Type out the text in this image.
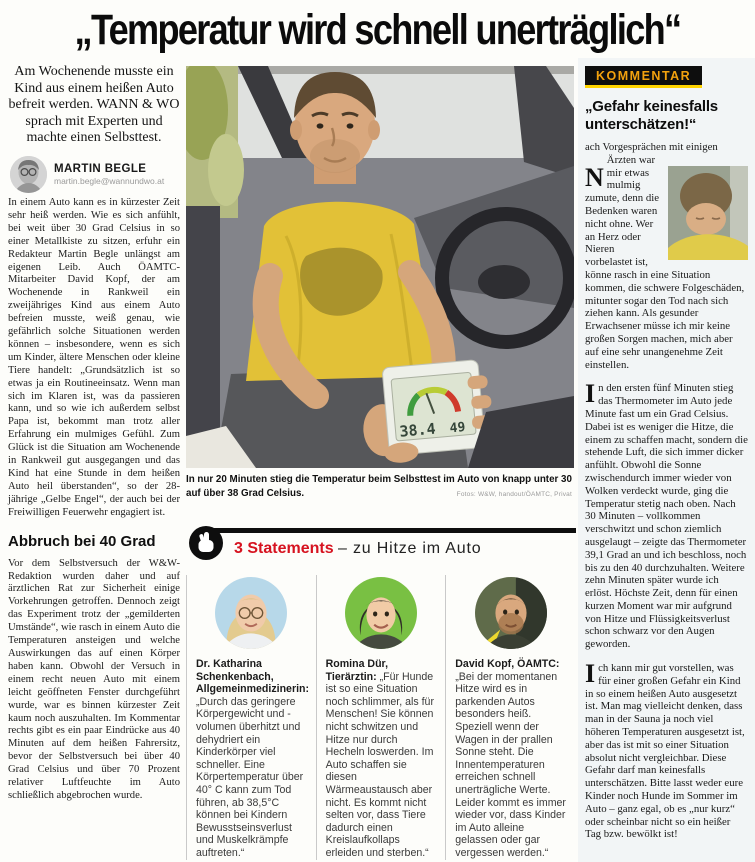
„Temperatur wird schnell unerträglich“
Am Wochenende musste ein Kind aus einem heißen Auto befreit werden. WANN & WO sprach mit Experten und machte einen Selbsttest.
MARTIN BEGLE
martin.begle@wannundwo.at

In einem Auto kann es in kürzester Zeit sehr heiß werden. Wie es sich anfühlt, bei weit über 30 Grad Celsius in so einer Metallkiste zu sitzen, erfuhr ein Redakteur Martin Begle unlängst am eigenen Leib. Auch ÖAMTC-Mitarbeiter David Kopf, der am Wochenende in Rankweil ein zweijähriges Kind aus einem Auto befreien musste, weiß genau, wie gefährlich solche Situationen werden können – insbesondere, wenn es sich um Kinder, ältere Menschen oder kleine Tiere handelt: „Grundsätzlich ist so etwas ja ein Routineeinsatz. Wenn man sich im Klaren ist, was da passieren kann, und so wie ich außerdem selbst Papa ist, bekommt man trotz aller Erfahrung ein mulmiges Gefühl. Zum Glück ist die Situation am Wochenende in Rankweil gut ausgegangen und das Kind hat eine Stunde in dem heißen Auto heil überstanden“, so der 28-jährige „Gelbe Engel“, der auch bei der Freiwilligen Feuerwehr engagiert ist.

Abbruch bei 40 Grad

Vor dem Selbstversuch der W&W-Redaktion wurden daher und auf ärztlichen Rat zur Sicherheit einige Vorkehrungen getroffen. Dennoch zeigt das Experiment trotz der „gemilderten Umstände“, wie rasch in einem Auto die Temperaturen ansteigen und welche Auswirkungen das auf einen Körper haben kann. Obwohl der Versuch in einem recht neuen Auto mit einem leicht geöffneten Fenster durchgeführt wurde, war es binnen kürzester Zeit kaum noch auszuhalten. Im Kommentar rechts gibt es ein paar Eindrücke aus 40 Minuten auf dem heißen Fahrersitz, bevor der Selbstversuch bei über 40 Grad Celsius und über 70 Prozent relativer Luftfeuchte im Auto schließlich abgebrochen wurde.

38.4 49
In nur 20 Minuten stieg die Temperatur beim Selbsttest im Auto von knapp unter 30 auf über 38 Grad Celsius.	Fotos: W&W, handout/ÖAMTC, Privat
3 Statements – zu Hitze im Auto

Dr. Katharina Schenkenbach, Allgemeinmedizinerin: „Durch das geringere Körpergewicht und -volumen überhitzt und dehydriert ein Kinderkörper viel schneller. Eine Körpertemperatur über 40° C kann zum Tod führen, ab 38,5°C können bei Kindern Bewusstseinsverlust und Muskelkrämpfe auftreten.“

Romina Dür, Tierärztin: „Für Hunde ist so eine Situation noch schlimmer, als für Menschen! Sie können nicht schwitzen und Hitze nur durch Hecheln loswerden. Im Auto schaffen sie diesen Wärmeaustausch aber nicht. Es kommt nicht selten vor, dass Tiere dadurch einen Kreislaufkollaps erleiden und sterben.“

David Kopf, ÖAMTC: „Bei der momentanen Hitze wird es in parkenden Autos besonders heiß. Speziell wenn der Wagen in der prallen Sonne steht. Die Innentemperaturen erreichen schnell unerträgliche Werte. Leider kommt es immer wieder vor, dass Kinder im Auto alleine gelassen oder gar vergessen werden.“

KOMMENTAR
„Gefahr keinesfalls unterschätzen!“

N
ach Vorgesprächen mit einigen Ärzten war mir etwas mulmig zumute, denn die Bedenken waren nicht ohne. Wer an Herz oder Nieren vorbelastet ist, könne rasch in eine Situation kommen, die schwere Folgeschäden, mitunter sogar den Tod nach sich ziehen kann. Als gesunder Erwachsener müsse ich mir keine großen Sorgen machen, mich aber auf eine sehr unangenehme Zeit einstellen.

In den ersten fünf Minuten stieg das Thermometer im Auto jede Minute fast um ein Grad Celsius. Dabei ist es weniger die Hitze, die einem zu schaffen macht, sondern die stehende Luft, die sich immer dicker anfühlt. Obwohl die Sonne zwischendurch immer wieder von Wolken verdeckt wurde, ging die Temperatur stetig nach oben. Nach 30 Minuten – vollkommen verschwitzt und schon ziemlich ausgelaugt – zeigte das Thermometer 39,1 Grad an und ich beschloss, noch bis zu den 40 durchzuhalten. Weitere zehn Minuten später wurde ich erlöst. Höchste Zeit, denn für einen kurzen Moment war mir aufgrund von Hitze und Flüssigkeitsverlust schon schwarz vor den Augen geworden.

Ich kann mir gut vorstellen, was für einer großen Gefahr ein Kind in so einem heißen Auto ausgesetzt ist. Man mag vielleicht denken, dass man in der Sauna ja noch viel höheren Temperaturen ausgesetzt ist, aber das ist mit so einer Situation absolut nicht vergleichbar. Diese Gefahr darf man keinesfalls unterschätzen. Bitte lasst weder eure Kinder noch Hunde im Sommer im Auto – ganz egal, ob es „nur kurz“ oder scheinbar nicht so ein heißer Tag bzw. bewölkt ist!
